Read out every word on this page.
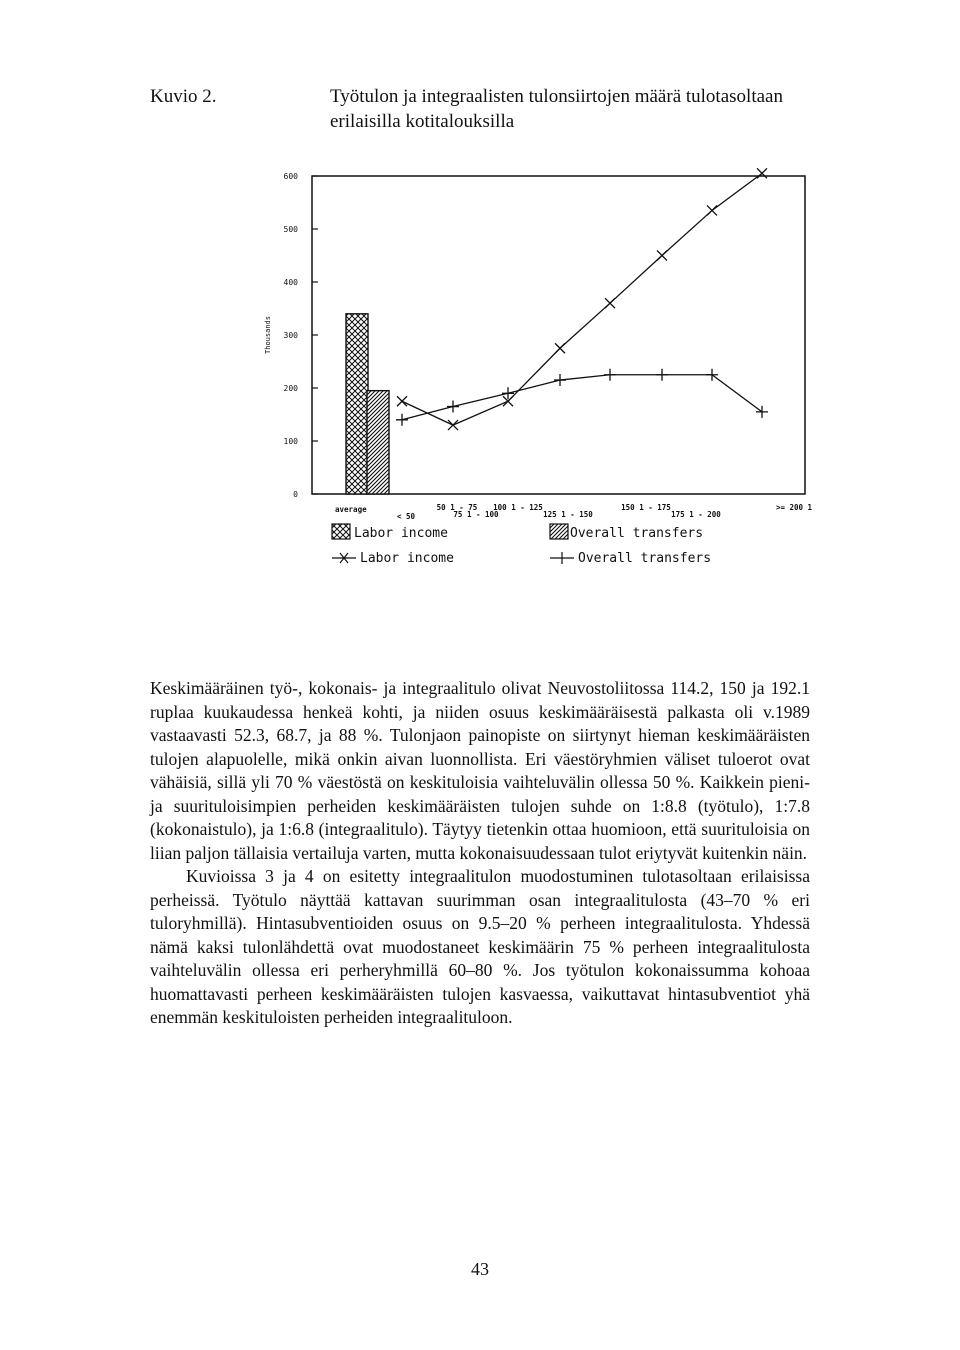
Kuvio 2.	Työtulon ja integraalisten tulonsiirtojen määrä tulotasoltaan erilaisilla kotitalouksilla
600
500
400
300
200
100
0
Thousands
average
< 50
50 1 - 75
75 1 - 100
100 1 - 125
125 1 - 150
150 1 - 175
175 1 - 200
>= 200 1
Labor income	Overall transfers
Labor income	Overall transfers

Keskimääräinen työ-, kokonais- ja integraalitulo olivat Neuvostoliitossa 114.2, 150 ja 192.1 ruplaa kuukaudessa henkeä kohti, ja niiden osuus keskimääräisestä palkasta oli v.1989 vastaavasti 52.3, 68.7, ja 88 %. Tulonjaon painopiste on siirtynyt hieman keskimääräisten tulojen alapuolelle, mikä onkin aivan luonnollista. Eri väestöryhmien väliset tuloerot ovat vähäisiä, sillä yli 70 % väestöstä on keskituloisia vaihteluvälin ollessa 50 %. Kaikkein pieni- ja suurituloisimpien perheiden keskimääräisten tulojen suhde on 1:8.8 (työtulo), 1:7.8 (kokonaistulo), ja 1:6.8 (integraalitulo). Täytyy tietenkin ottaa huomioon, että suurituloisia on liian paljon tällaisia vertailuja varten, mutta kokonaisuudessaan tulot eriytyvät kuitenkin näin.

Kuvioissa 3 ja 4 on esitetty integraalitulon muodostuminen tulotasoltaan erilaisissa perheissä. Työtulo näyttää kattavan suurimman osan integraalitulosta (43–70 % eri tuloryhmillä). Hintasubventioiden osuus on 9.5–20 % perheen integraalitulosta. Yhdessä nämä kaksi tulonlähdettä ovat muodostaneet keskimäärin 75 % perheen integraalitulosta vaihteluvälin ollessa eri perheryhmillä 60–80 %. Jos työtulon kokonaissumma kohoaa huomattavasti perheen keskimääräisten tulojen kasvaessa, vaikuttavat hintasubventiot yhä enemmän keskituloisten perheiden integraalituloon.

43
